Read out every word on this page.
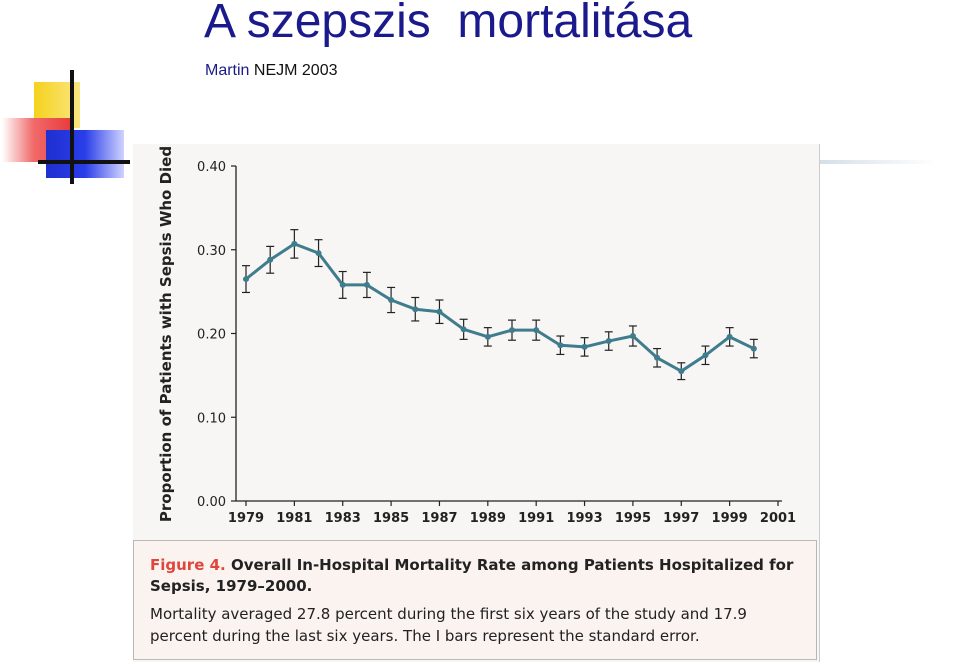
A szepszis  mortalitása
Martin NEJM 2003
0.00
0.10
0.20
0.30
0.40
1979 1981 1983 1985 1987 1989 1991 1993 1995 1997 1999 2001
Proportion of Patients with Sepsis Who Died
Figure 4. Overall In-Hospital Mortality Rate among Patients Hospitalized for Sepsis, 1979–2000.
Mortality averaged 27.8 percent during the first six years of the study and 17.9 percent during the last six years. The I bars represent the standard error.
